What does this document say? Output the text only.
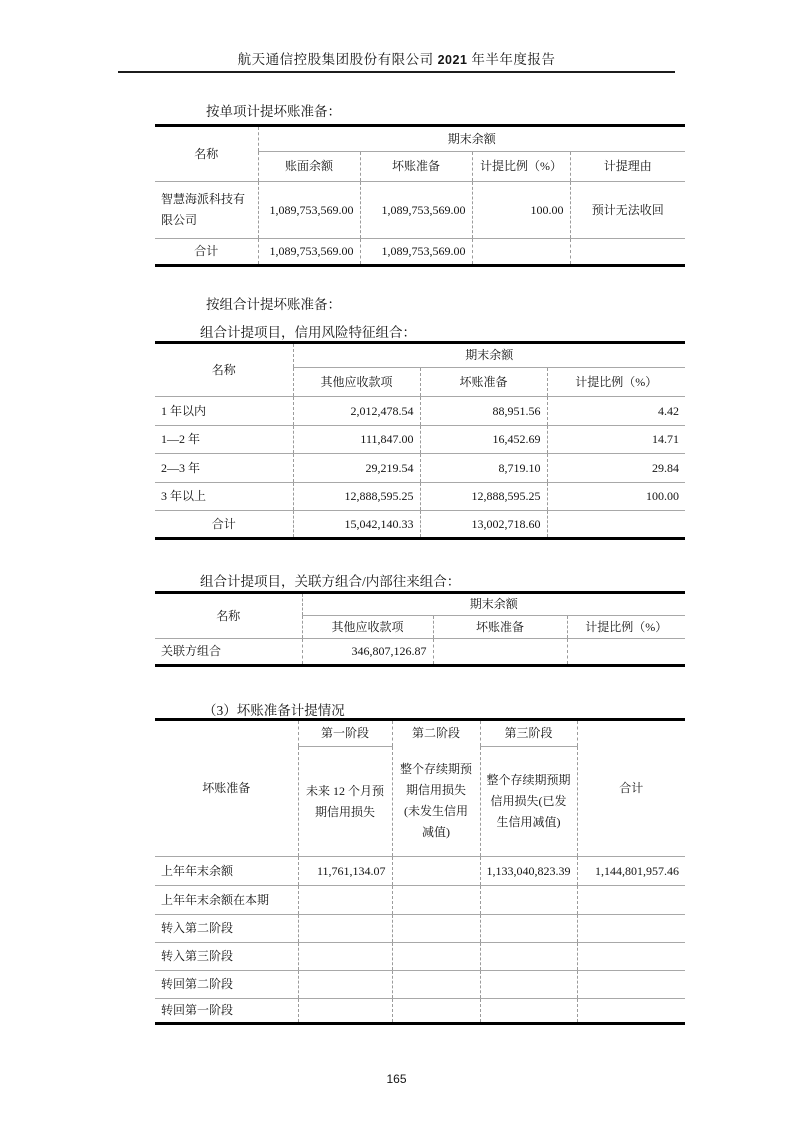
航天通信控股集团股份有限公司 2021 年半年度报告
按单项计提坏账准备：
名称	期末余额			
	账面余额	坏账准备	计提比例（%）	计提理由
智慧海派科技有限公司	1,089,753,569.00	1,089,753,569.00	100.00	预计无法收回
合计	1,089,753,569.00	1,089,753,569.00		
按组合计提坏账准备：
组合计提项目，信用风险特征组合：
名称	期末余额		
	其他应收款项	坏账准备	计提比例（%）
1 年以内	2,012,478.54	88,951.56	4.42
1—2 年	111,847.00	16,452.69	14.71
2—3 年	29,219.54	8,719.10	29.84
3 年以上	12,888,595.25	12,888,595.25	100.00
合计	15,042,140.33	13,002,718.60	
组合计提项目，关联方组合/内部往来组合：
名称	期末余额		
	其他应收款项	坏账准备	计提比例（%）
关联方组合	346,807,126.87		
（3）坏账准备计提情况
坏账准备	第一阶段	第二阶段	第三阶段	合计
	未来 12 个月预期信用损失	整个存续期预期信用损失(未发生信用减值)	整个存续期预期信用损失(已发生信用减值)	
上年年末余额	11,761,134.07		1,133,040,823.39	1,144,801,957.46
上年年末余额在本期				
转入第二阶段				
转入第三阶段				
转回第二阶段				
转回第一阶段				
165
